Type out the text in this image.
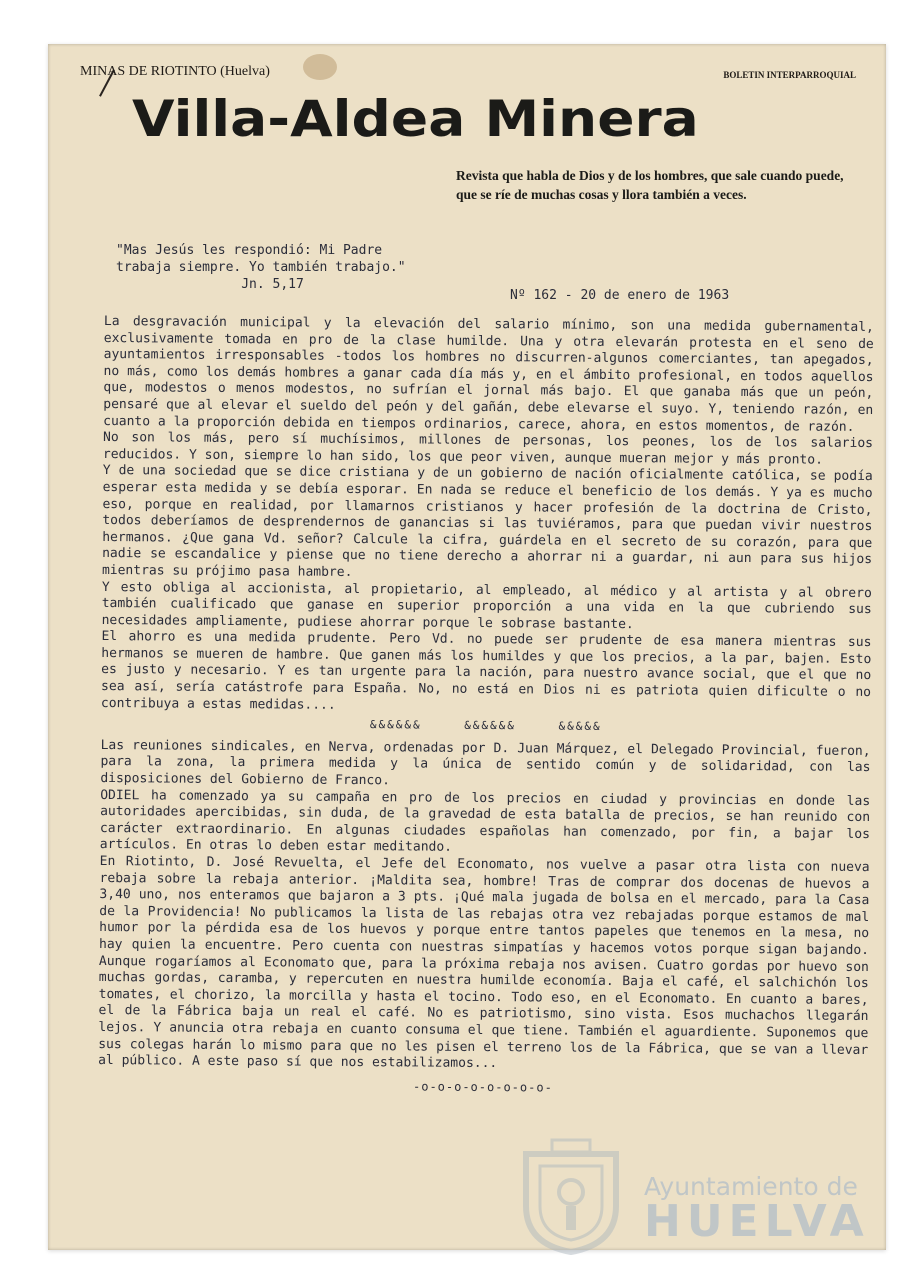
MINAS DE RIOTINTO (Huelva)	BOLETIN INTERPARROQUIAL
Villa-Aldea Minera
Revista que habla de Dios y de los hombres, que sale cuando puede, que se ríe de muchas cosas y llora también a veces.
"Mas Jesús les respondió: Mi Padre
trabaja siempre. Yo también trabajo."
Jn. 5,17
Nº 162 - 20 de enero de 1963

La desgravación municipal y la elevación del salario mínimo, son una medida gubernamental, exclusivamente tomada en pro de la clase humilde. Una y otra elevarán protesta en el seno de ayuntamientos irresponsables -todos los hombres no discurren-algunos comerciantes, tan apegados, no más, como los demás hombres a ganar cada día más y, en el ámbito profesional, en todos aquellos que, modestos o menos modestos, no sufrían el jornal más bajo. El que ganaba más que un peón, pensaré que al elevar el sueldo del peón y del gañán, debe elevarse el suyo. Y, teniendo razón, en cuanto a la proporción debida en tiempos ordinarios, carece, ahora, en estos momentos, de razón.

No son los más, pero sí muchísimos, millones de personas, los peones, los de los salarios reducidos. Y son, siempre lo han sido, los que peor viven, aunque mueran mejor y más pronto.

Y de una sociedad que se dice cristiana y de un gobierno de nación oficialmente católica, se podía esperar esta medida y se debía esporar. En nada se reduce el beneficio de los demás. Y ya es mucho eso, porque en realidad, por llamarnos cristianos y hacer profesión de la doctrina de Cristo, todos deberíamos de desprendernos de ganancias si las tuviéramos, para que puedan vivir nuestros hermanos. ¿Que gana Vd. señor? Calcule la cifra, guárdela en el secreto de su corazón, para que nadie se escandalice y piense que no tiene derecho a ahorrar ni a guardar, ni aun para sus hijos mientras su prójimo pasa hambre.

Y esto obliga al accionista, al propietario, al empleado, al médico y al artista y al obrero también cualificado que ganase en superior proporción a una vida en la que cubriendo sus necesidades ampliamente, pudiese ahorrar porque le sobrase bastante.

El ahorro es una medida prudente. Pero Vd. no puede ser prudente de esa manera mientras sus hermanos se mueren de hambre. Que ganen más los humildes y que los precios, a la par, bajen. Esto es justo y necesario. Y es tan urgente para la nación, para nuestro avance social, que el que no sea así, sería catástrofe para España. No, no está en Dios ni es patriota quien dificulte o no contribuya a estas medidas....

&&&&&& &&&&&& &&&&&

Las reuniones sindicales, en Nerva, ordenadas por D. Juan Márquez, el Delegado Provincial, fueron, para la zona, la primera medida y la única de sentido común y de solidaridad, con las disposiciones del Gobierno de Franco.

ODIEL ha comenzado ya su campaña en pro de los precios en ciudad y provincias en donde las autoridades apercibidas, sin duda, de la gravedad de esta batalla de precios, se han reunido con carácter extraordinario. En algunas ciudades españolas han comenzado, por fin, a bajar los artículos. En otras lo deben estar meditando.

En Riotinto, D. José Revuelta, el Jefe del Economato, nos vuelve a pasar otra lista con nueva rebaja sobre la rebaja anterior. ¡Maldita sea, hombre! Tras de comprar dos docenas de huevos a 3,40 uno, nos enteramos que bajaron a 3 pts. ¡Qué mala jugada de bolsa en el mercado, para la Casa de la Providencia! No publicamos la lista de las rebajas otra vez rebajadas porque estamos de mal humor por la pérdida esa de los huevos y porque entre tantos papeles que tenemos en la mesa, no hay quien la encuentre. Pero cuenta con nuestras simpatías y hacemos votos porque sigan bajando. Aunque rogaríamos al Economato que, para la próxima rebaja nos avisen. Cuatro gordas por huevo son muchas gordas, caramba, y repercuten en nuestra humilde economía. Baja el café, el salchichón los tomates, el chorizo, la morcilla y hasta el tocino. Todo eso, en el Economato. En cuanto a bares, el de la Fábrica baja un real el café. No es patriotismo, sino vista. Esos muchachos llegarán lejos. Y anuncia otra rebaja en cuanto consuma el que tiene. También el aguardiente. Suponemos que sus colegas harán lo mismo para que no les pisen el terreno los de la Fábrica, que se van a llevar al público. A este paso sí que nos estabilizamos...

-o-o-o-o-o-o-o-o-
Ayuntamiento de
HUELVA
